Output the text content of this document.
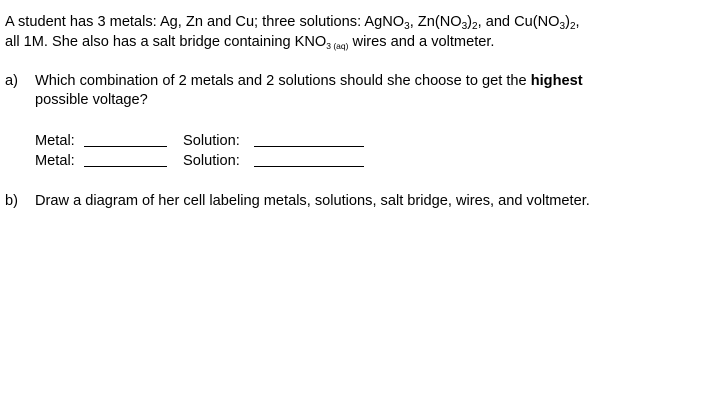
A student has 3 metals: Ag, Zn and Cu; three solutions: AgNO$_3$, $Zn(NO_3)_2$, and $Cu(NO_3)_2$,
all 1M. She also has a salt bridge containing $KNO_{3 (aq)}$ wires and a voltmeter.
a) Which combination of 2 metals and 2 solutions should she choose to get the highest
possible voltage?
Metal:	Solution:
Metal:	Solution:
b) Draw a diagram of her cell labeling metals, solutions, salt bridge, wires, and voltmeter.
